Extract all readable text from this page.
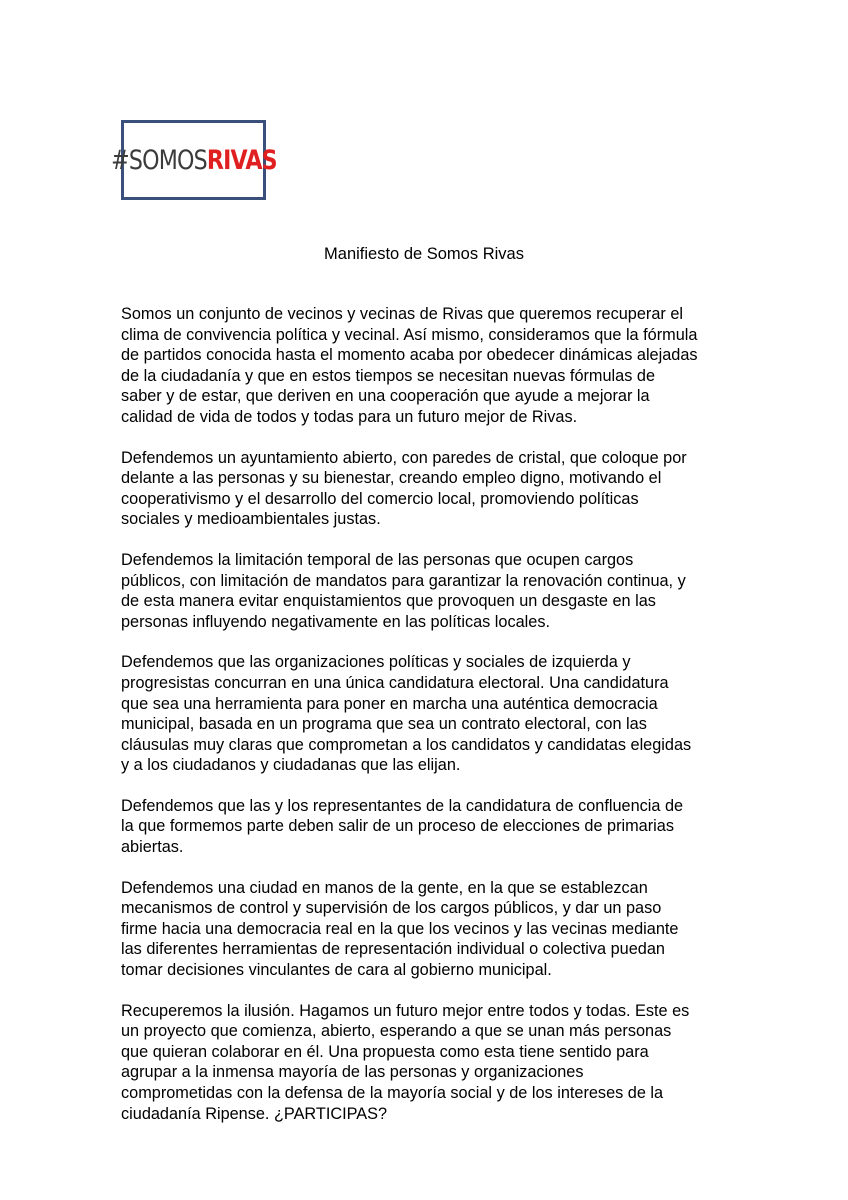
#SOMOSRIVAS
Manifiesto de Somos Rivas

Somos un conjunto de vecinos y vecinas de Rivas que queremos recuperar el
clima de convivencia política y vecinal. Así mismo, consideramos que la fórmula
de partidos conocida hasta el momento acaba por obedecer dinámicas alejadas
de la ciudadanía y que en estos tiempos se necesitan nuevas fórmulas de
saber y de estar, que deriven en una cooperación que ayude a mejorar la
calidad de vida de todos y todas para un futuro mejor de Rivas.

Defendemos un ayuntamiento abierto, con paredes de cristal, que coloque por
delante a las personas y su bienestar, creando empleo digno, motivando el
cooperativismo y el desarrollo del comercio local, promoviendo políticas
sociales y medioambientales justas.

Defendemos la limitación temporal de las personas que ocupen cargos
públicos, con limitación de mandatos para garantizar la renovación continua, y
de esta manera evitar enquistamientos que provoquen un desgaste en las
personas influyendo negativamente en las políticas locales.

Defendemos que las organizaciones políticas y sociales de izquierda y
progresistas concurran en una única candidatura electoral. Una candidatura
que sea una herramienta para poner en marcha una auténtica democracia
municipal, basada en un programa que sea un contrato electoral, con las
cláusulas muy claras que comprometan a los candidatos y candidatas elegidas
y a los ciudadanos y ciudadanas que las elijan.

Defendemos que las y los representantes de la candidatura de confluencia de
la que formemos parte deben salir de un proceso de elecciones de primarias
abiertas.

Defendemos una ciudad en manos de la gente, en la que se establezcan
mecanismos de control y supervisión de los cargos públicos, y dar un paso
firme hacia una democracia real en la que los vecinos y las vecinas mediante
las diferentes herramientas de representación individual o colectiva puedan
tomar decisiones vinculantes de cara al gobierno municipal.

Recuperemos la ilusión. Hagamos un futuro mejor entre todos y todas. Este es
un proyecto que comienza, abierto, esperando a que se unan más personas
que quieran colaborar en él. Una propuesta como esta tiene sentido para
agrupar a la inmensa mayoría de las personas y organizaciones
comprometidas con la defensa de la mayoría social y de los intereses de la
ciudadanía Ripense. ¿PARTICIPAS?
